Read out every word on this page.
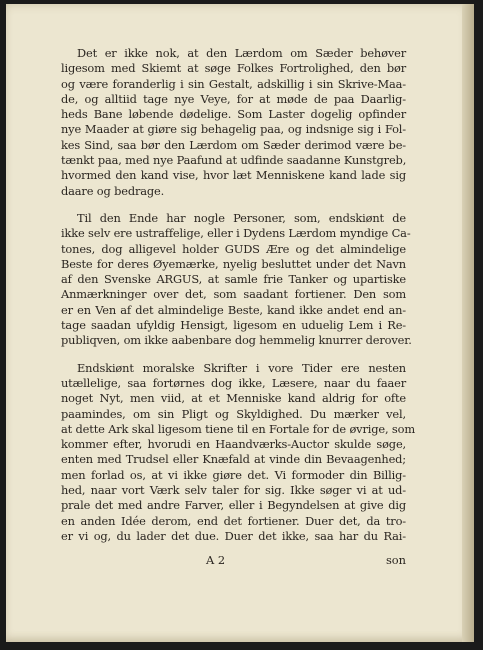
Det er ikke nok, at den Lærdom om Sæder behøver
ligesom med Skiemt at søge Folkes Fortrolighed, den bør
og være foranderlig i sin Gestalt, adskillig i sin Skrive-Maa-
de, og alltiid tage nye Veye, for at møde de paa Daarlig-
heds Bane løbende dødelige. Som Laster dogelig opfinder
nye Maader at giøre sig behagelig paa, og indsnige sig i Fol-
kes Sind, saa bør den Lærdom om Sæder derimod være be-
tænkt paa, med nye Paafund at udfinde saadanne Kunstgreb,
hvormed den kand vise, hvor læt Menniskene kand lade sig
daare og bedrage.
Til den Ende har nogle Personer, som, endskiønt de
ikke selv ere ustraffelige, eller i Dydens Lærdom myndige Ca-
tones, dog alligevel holder GUDS Ære og det almindelige
Beste for deres Øyemærke, nyelig besluttet under det Navn
af den Svenske ARGUS, at samle frie Tanker og upartiske
Anmærkninger over det, som saadant fortiener. Den som
er en Ven af det almindelige Beste, kand ikke andet end an-
tage saadan ufyldig Hensigt, ligesom en uduelig Lem i Re-
publiqven, om ikke aabenbare dog hemmelig knurrer derover.
Endskiønt moralske Skrifter i vore Tider ere nesten
utællelige, saa fortørnes dog ikke, Læsere, naar du faaer
noget Nyt, men viid, at et Menniske kand aldrig for ofte
paamindes, om sin Pligt og Skyldighed. Du mærker vel,
at dette Ark skal ligesom tiene til en Fortale for de øvrige, som
kommer efter, hvorudi en Haandværks-Auctor skulde søge,
enten med Trudsel eller Knæfald at vinde din Bevaagenhed;
men forlad os, at vi ikke giøre det. Vi formoder din Billig-
hed, naar vort Værk selv taler for sig. Ikke søger vi at ud-
prale det med andre Farver, eller i Begyndelsen at give dig
en anden Idée derom, end det fortiener. Duer det, da tro-
er vi og, du lader det due. Duer det ikke, saa har du Rai-
A 2	son
